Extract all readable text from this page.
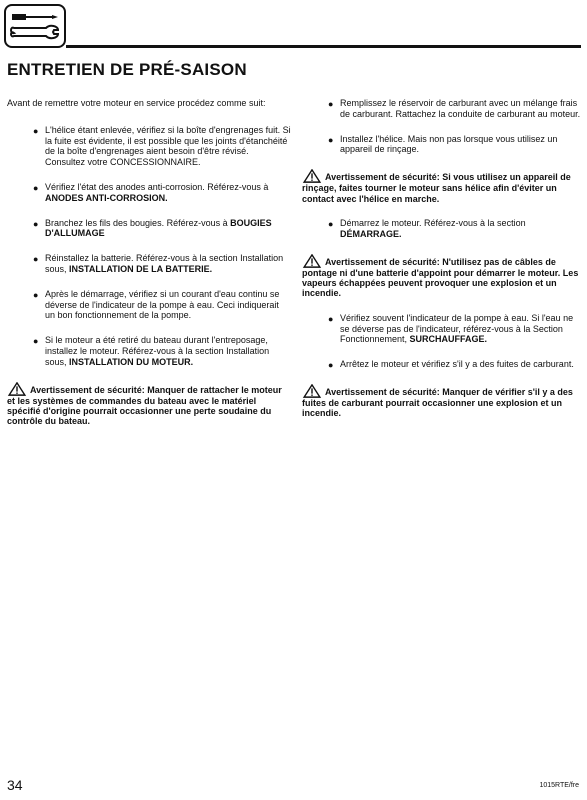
ENTRETIEN DE PRÉ-SAISON

Avant de remettre votre moteur en service procédez comme suit:

● L'hélice étant enlevée, vérifiez si la boîte d'engrenages fuit. Si la fuite est évidente, il est possible que les joints d'étanchéité de la boîte d'engrenages aient besoin d'être révisé. Consultez votre CONCESSIONNAIRE.
● Vérifiez l'état des anodes anti-corrosion. Référez-vous à ANODES ANTI-CORROSION.
● Branchez les fils des bougies. Référez-vous à BOUGIES D'ALLUMAGE
● Réinstallez la batterie. Référez-vous à la section Installation sous, INSTALLATION DE LA BATTERIE.
● Après le démarrage, vérifiez si un courant d'eau continu se déverse de l'indicateur de la pompe à eau. Ceci indiquerait un bon fonctionnement de la pompe.
● Si le moteur a été retiré du bateau durant l'entreposage, installez le moteur. Référez-vous à la section Installation sous, INSTALLATION DU MOTEUR.

Avertissement de sécurité: Manquer de rattacher le moteur et les systèmes de commandes du bateau avec le matériel spécifié d'origine pourrait occasionner une perte soudaine du contrôle du bateau.

● Remplissez le réservoir de carburant avec un mélange frais de carburant. Rattachez la conduite de carburant au moteur.
● Installez l'hélice. Mais non pas lorsque vous utilisez un appareil de rinçage.

Avertissement de sécurité: Si vous utilisez un appareil de rinçage, faites tourner le moteur sans hélice afin d'éviter un contact avec l'hélice en marche.

● Démarrez le moteur. Référez-vous à la section DÉMARRAGE.

Avertissement de sécurité: N'utilisez pas de câbles de pontage ni d'une batterie d'appoint pour démarrer le moteur. Les vapeurs échappées peuvent provoquer une explosion et un incendie.

● Vérifiez souvent l'indicateur de la pompe à eau. Si l'eau ne se déverse pas de l'indicateur, référez-vous à la Section Fonctionnement, SURCHAUFFAGE.
● Arrêtez le moteur et vérifiez s'il y a des fuites de carburant.

Avertissement de sécurité: Manquer de vérifier s'il y a des fuites de carburant pourrait occasionner une explosion et un incendie.

34	1015RTE/fre
